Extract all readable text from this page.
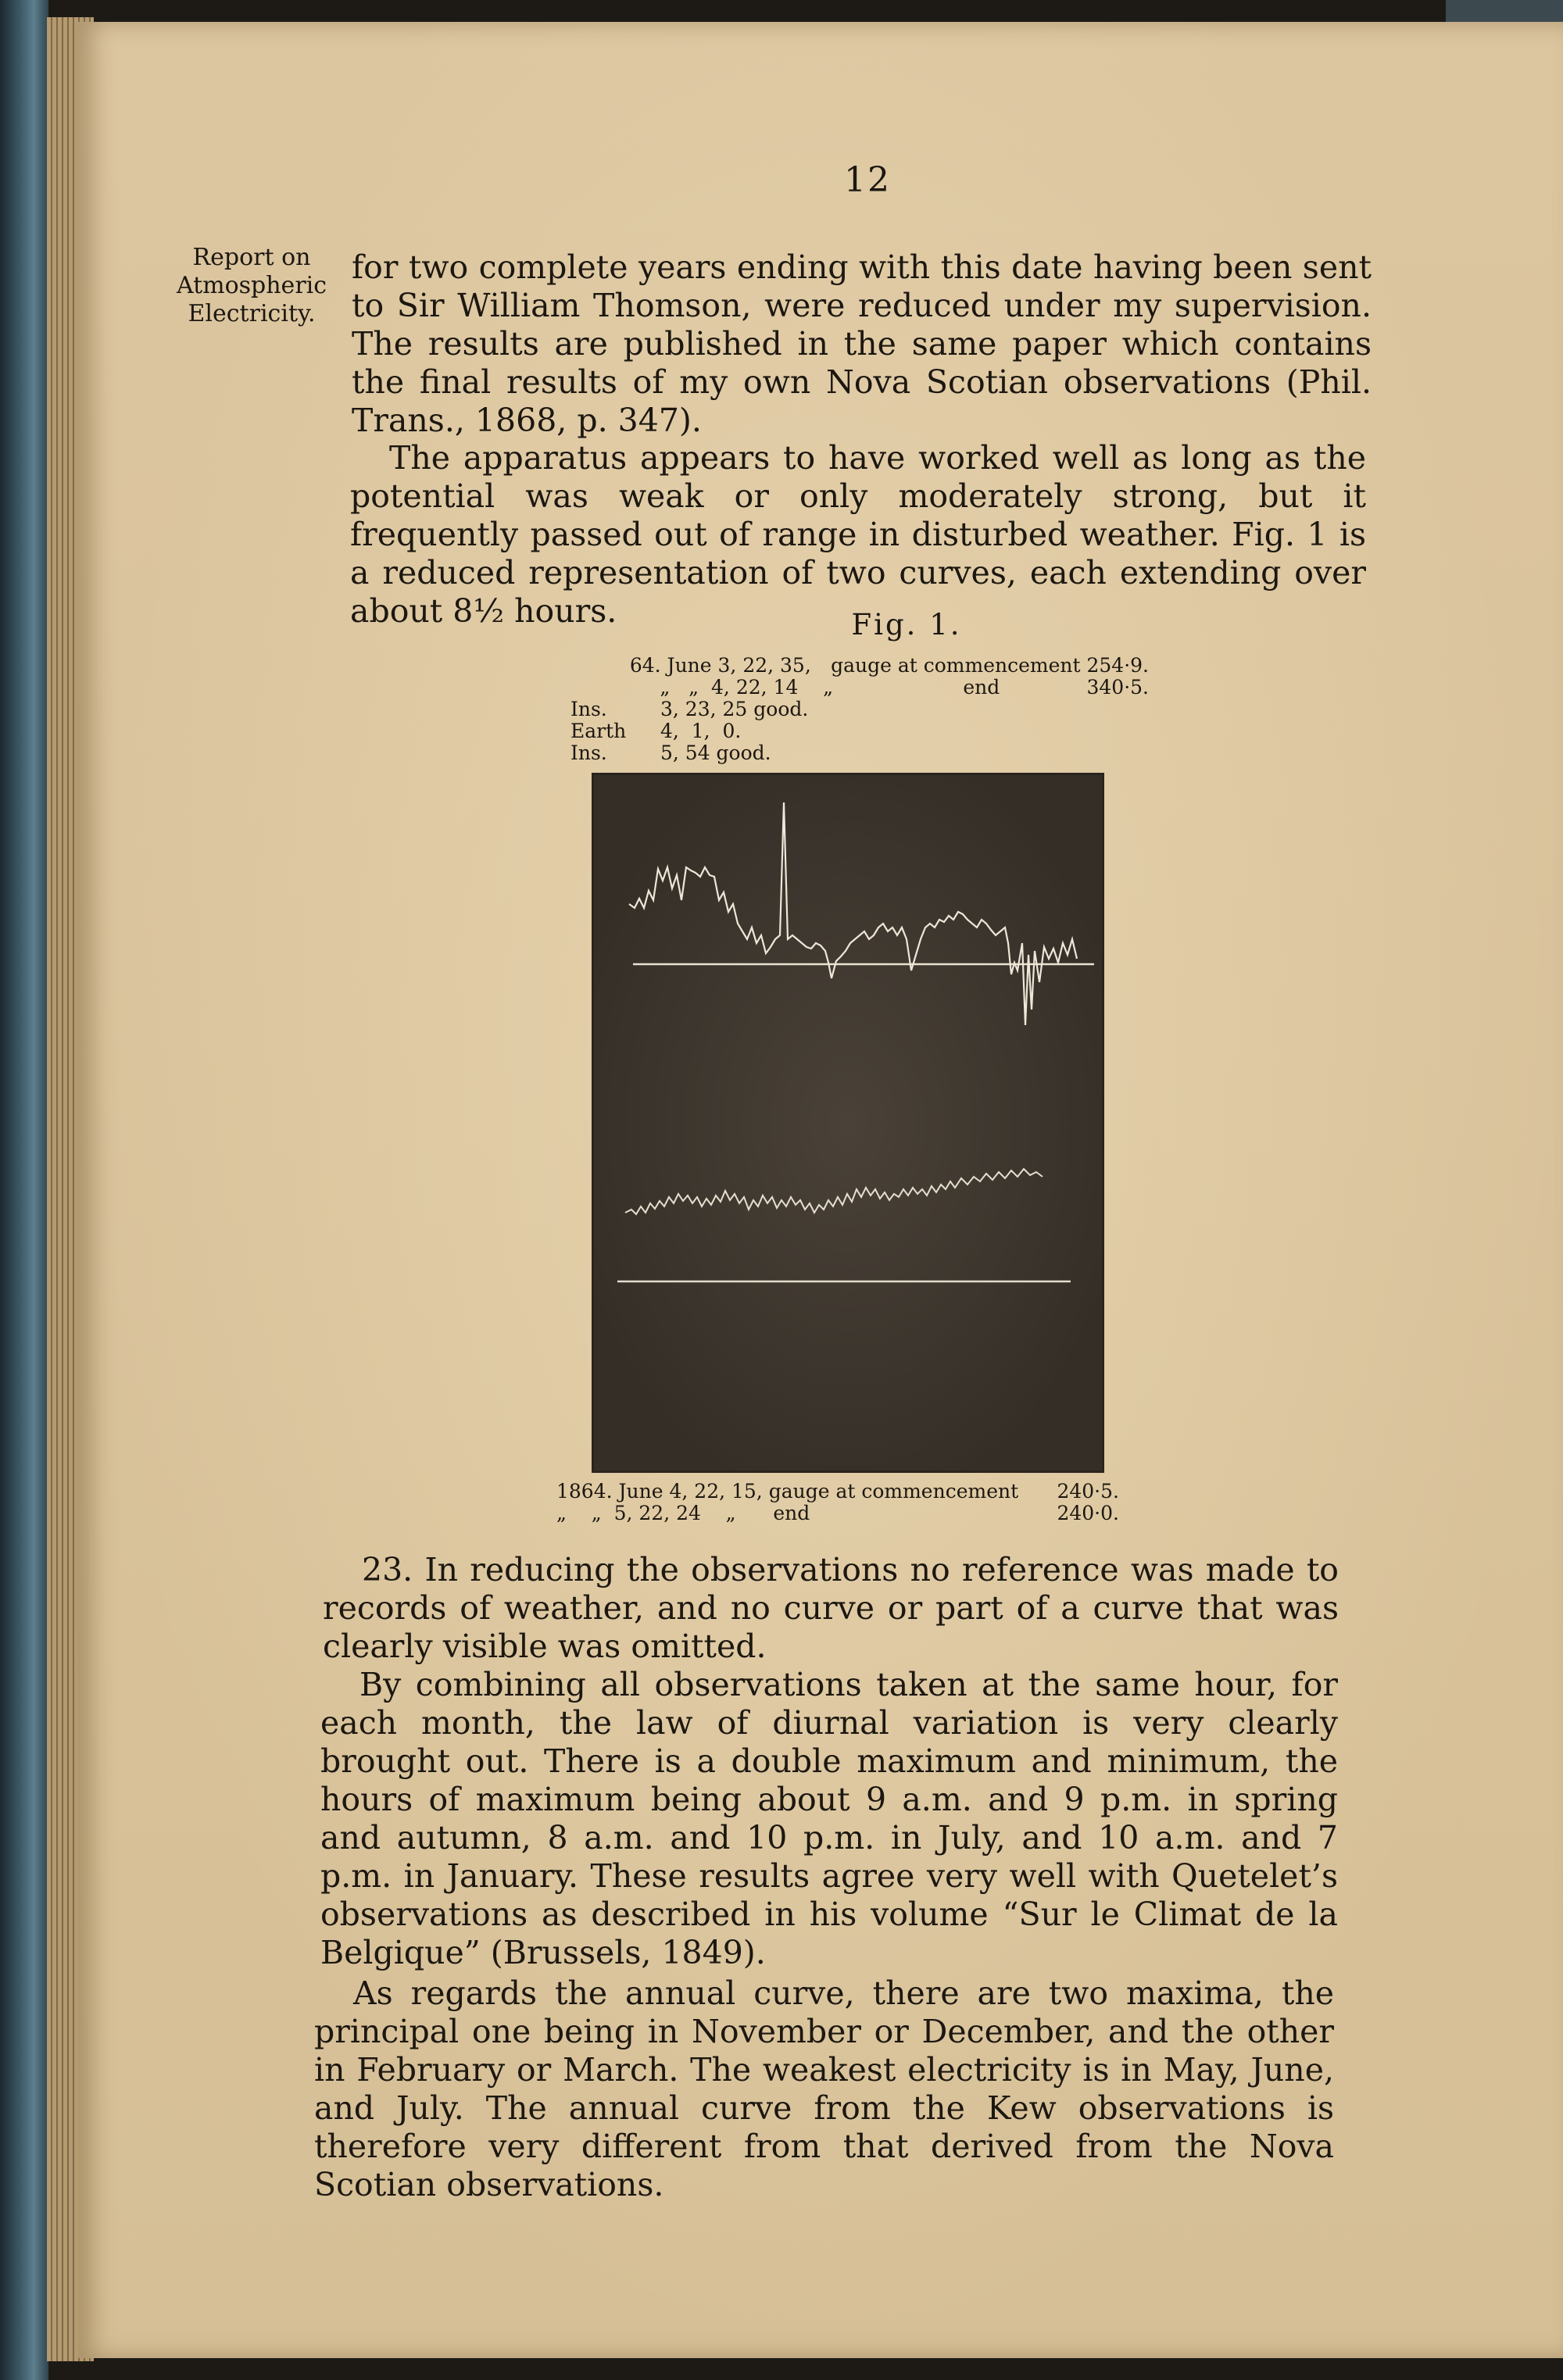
12
Report on
Atmospheric
Electricity.

for two complete years ending with this date having been sent to Sir William Thomson, were reduced under my supervision. The results are published in the same paper which contains the final results of my own Nova Scotian observations (Phil. Trans., 1868, p. 347).

The apparatus appears to have worked well as long as the potential was weak or only moderately strong, but it frequently passed out of range in disturbed weather. Fig. 1 is a reduced representation of two curves, each extending over about 8½ hours.	Fig. 1.
64. June 3, 22, 35,	gauge at commencement 254·9.
„   „  4, 22, 14    „	end              340·5.
Ins.	3, 23, 25 good.
Earth	4,  1,  0.
Ins.	5, 54 good.
1864. June 4, 22, 15, gauge at commencement	240·5.
„    „  5, 22, 24    „      end	240·0.

23. In reducing the observations no reference was made to records of weather, and no curve or part of a curve that was clearly visible was omitted.

By combining all observations taken at the same hour, for each month, the law of diurnal variation is very clearly brought out. There is a double maximum and minimum, the hours of maximum being about 9 a.m. and 9 p.m. in spring and autumn, 8 a.m. and 10 p.m. in July, and 10 a.m. and 7 p.m. in January. These results agree very well with Quetelet’s observations as described in his volume “Sur le Climat de la Belgique” (Brussels, 1849).

As regards the annual curve, there are two maxima, the principal one being in November or December, and the other in February or March. The weakest electricity is in May, June, and July. The annual curve from the Kew observations is therefore very different from that derived from the Nova Scotian observations.
